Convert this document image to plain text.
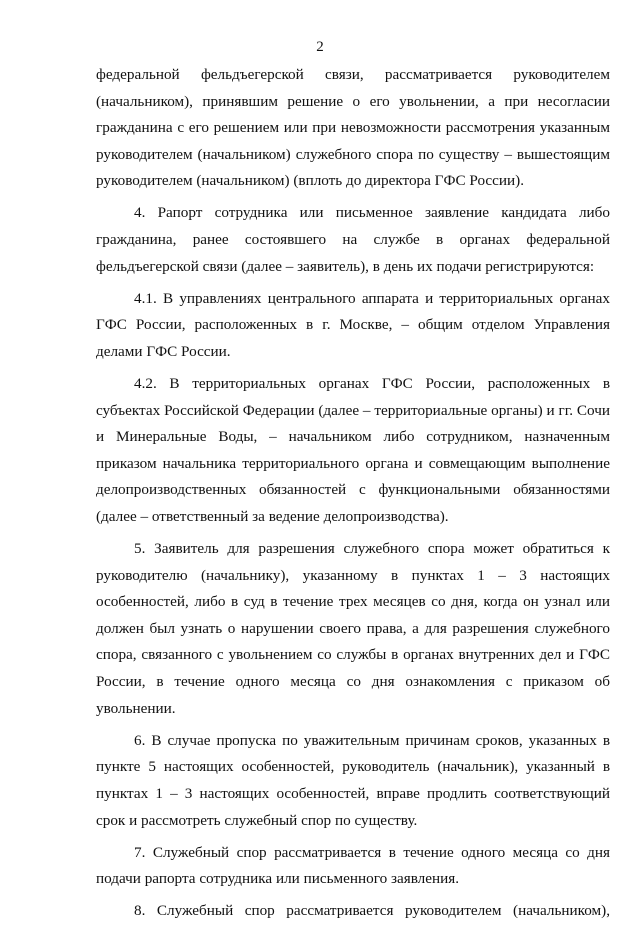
2

федеральной фельдъегерской связи, рассматривается руководителем (начальником), принявшим решение о его увольнении, а при несогласии гражданина с его решением или при невозможности рассмотрения указанным руководителем (начальником) служебного спора по существу – вышестоящим руководителем (начальником) (вплоть до директора ГФС России).

4. Рапорт сотрудника или письменное заявление кандидата либо гражданина, ранее состоявшего на службе в органах федеральной фельдъегерской связи (далее – заявитель), в день их подачи регистрируются:

4.1. В управлениях центрального аппарата и территориальных органах ГФС России, расположенных в г. Москве, – общим отделом Управления делами ГФС России.

4.2. В территориальных органах ГФС России, расположенных в субъектах Российской Федерации (далее – территориальные органы) и гг. Сочи и Минеральные Воды, – начальником либо сотрудником, назначенным приказом начальника территориального органа и совмещающим выполнение делопроизводственных обязанностей с функциональными обязанностями (далее – ответственный за ведение делопроизводства).

5. Заявитель для разрешения служебного спора может обратиться к руководителю (начальнику), указанному в пунктах 1 – 3 настоящих особенностей, либо в суд в течение трех месяцев со дня, когда он узнал или должен был узнать о нарушении своего права, а для разрешения служебного спора, связанного с увольнением со службы в органах внутренних дел и ГФС России, в течение одного месяца со дня ознакомления с приказом об увольнении.

6. В случае пропуска по уважительным причинам сроков, указанных в пункте 5 настоящих особенностей, руководитель (начальник), указанный в пунктах 1 – 3 настоящих особенностей, вправе продлить соответствующий срок и рассмотреть служебный спор по существу.

7. Служебный спор рассматривается в течение одного месяца со дня подачи рапорта сотрудника или письменного заявления.

8. Служебный спор рассматривается руководителем (начальником),
